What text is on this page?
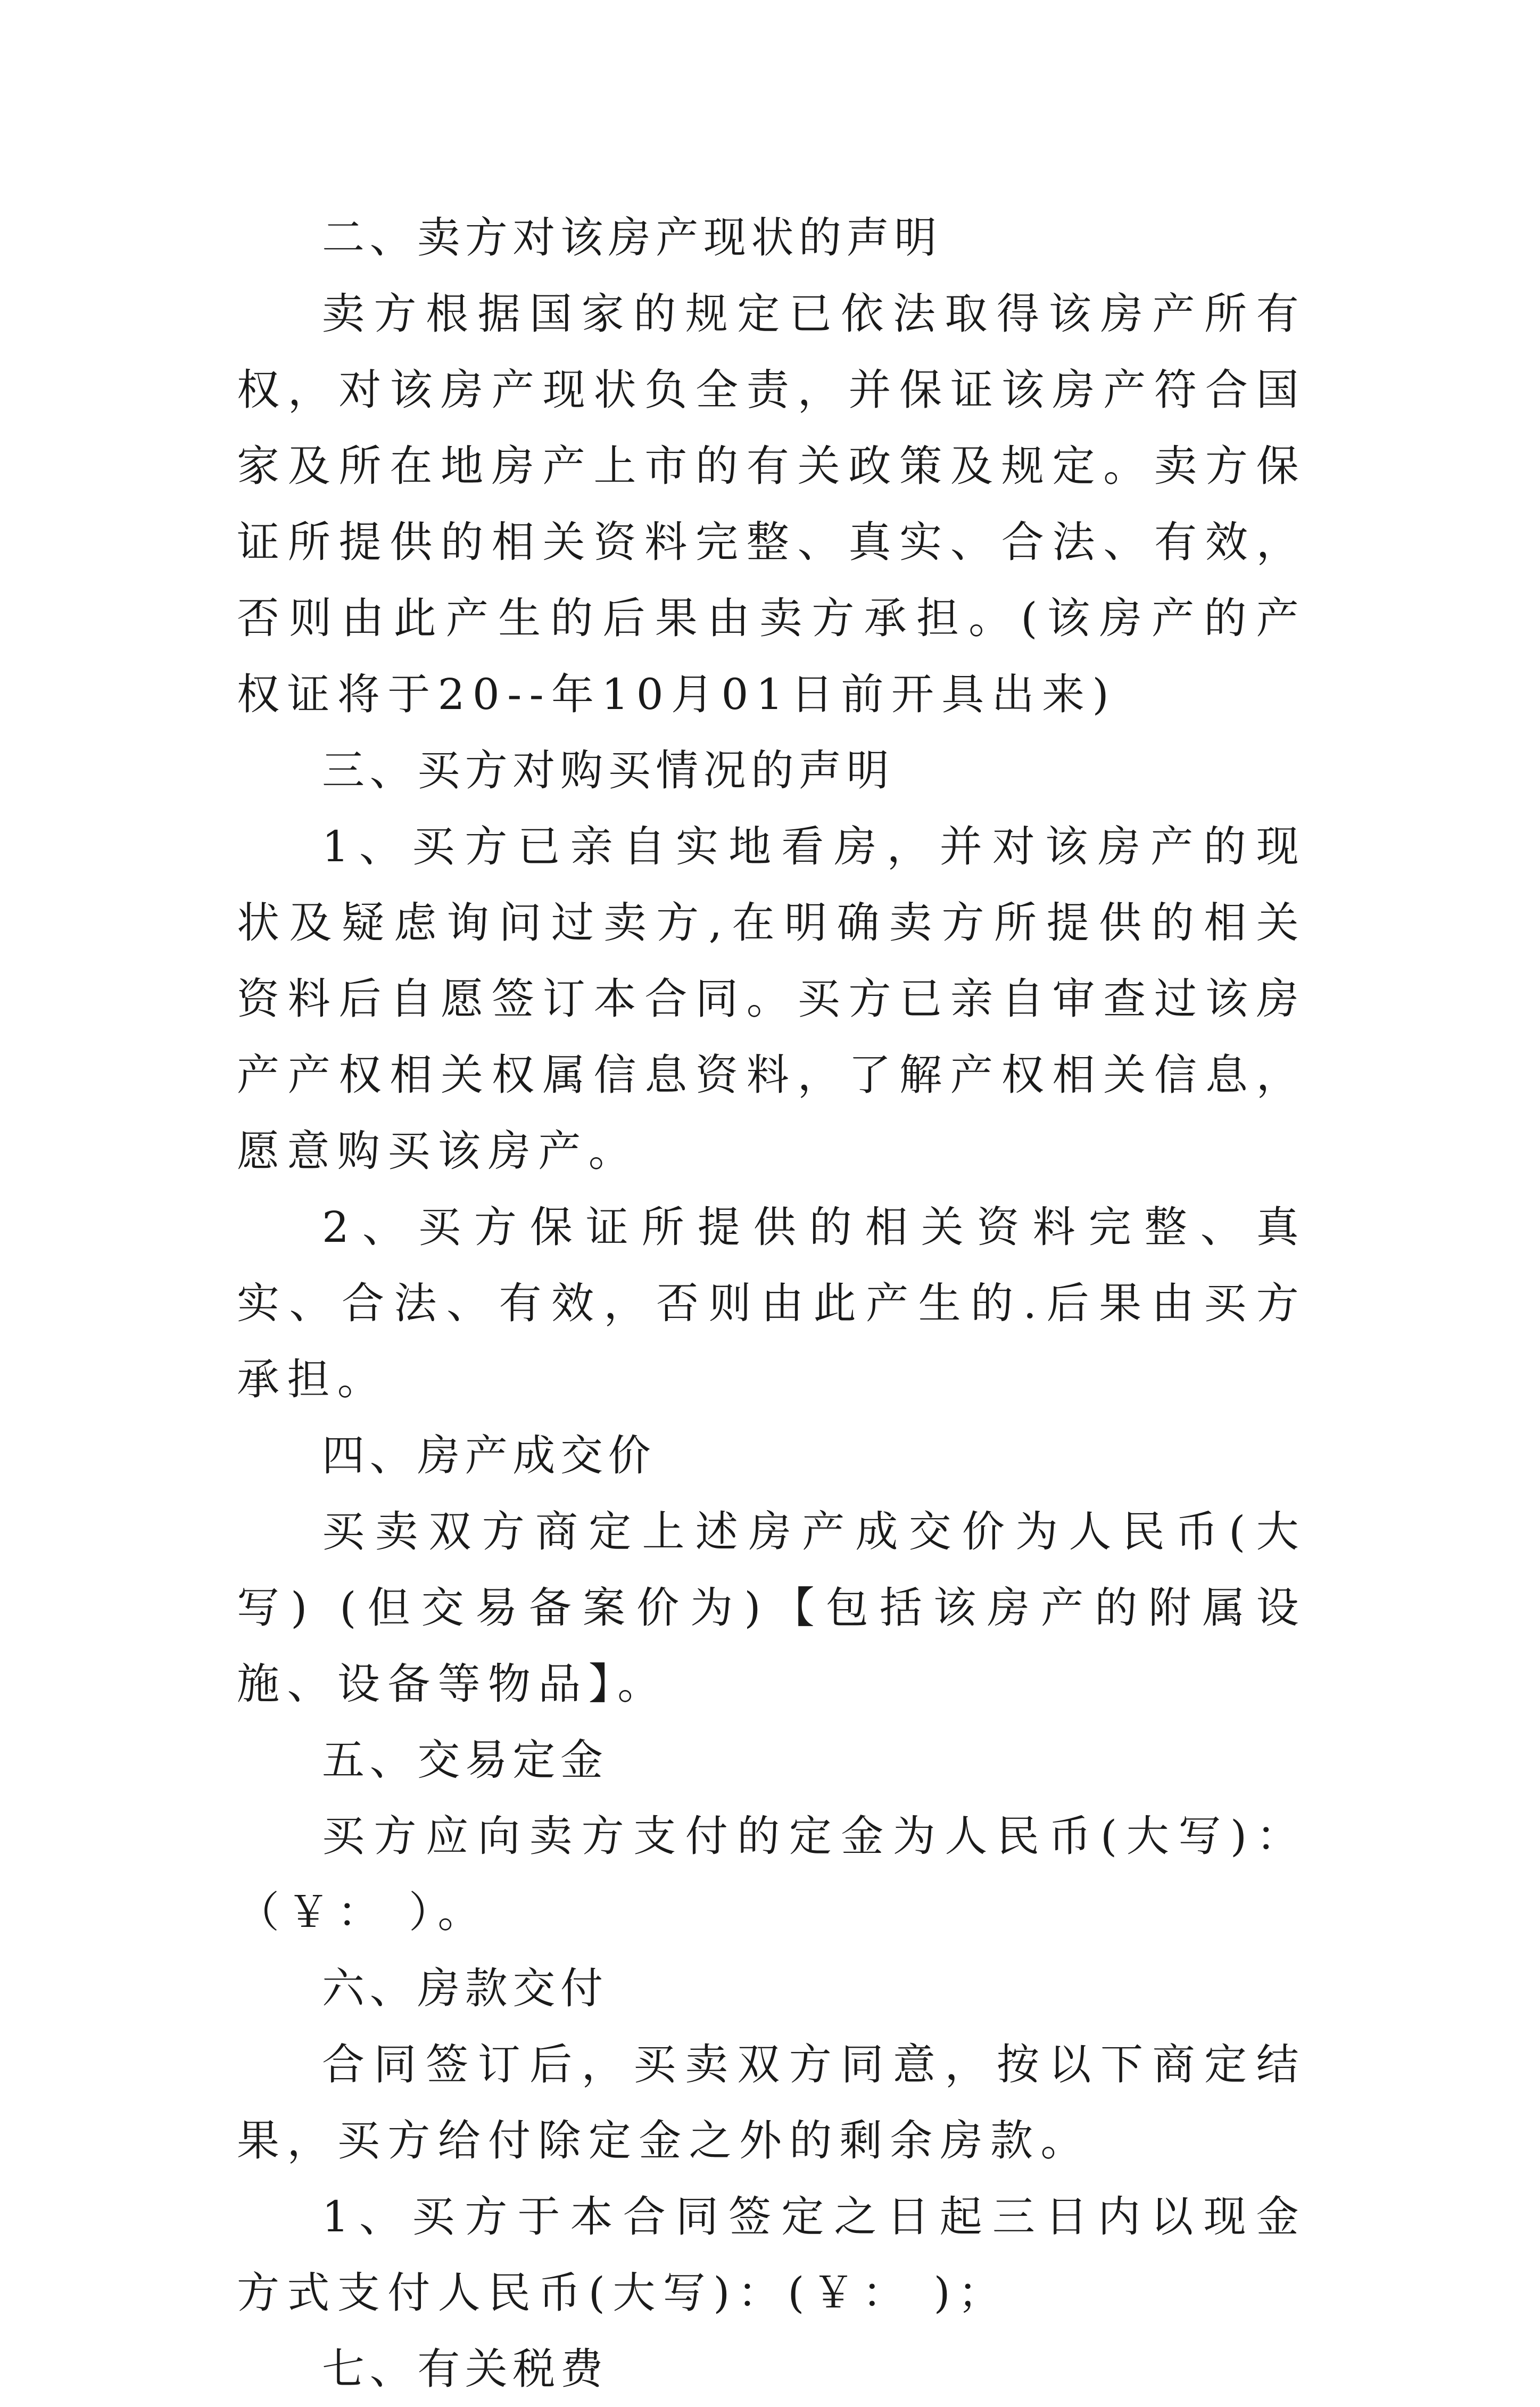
二、卖方对该房产现状的声明

卖方根据国家的规定已依法取得该房产所有权，对该房产现状负全责，并保证该房产符合国家及所在地房产上市的有关政策及规定。卖方保证所提供的相关资料完整、真实、合法、有效，否则由此产生的后果由卖方承担。(该房产的产权证将于20--年10月01日前开具出来)

三、买方对购买情况的声明

1、买方已亲自实地看房，并对该房产的现状及疑虑询问过卖方,在明确卖方所提供的相关资料后自愿签订本合同。买方已亲自审查过该房产产权相关权属信息资料，了解产权相关信息，愿意购买该房产。

2、买方保证所提供的相关资料完整、真实、合法、有效，否则由此产生的.后果由买方承担。

四、房产成交价

买卖双方商定上述房产成交价为人民币(大写) (但交易备案价为)【包括该房产的附属设施、设备等物品】。

五、交易定金

买方应向卖方支付的定金为人民币(大写)：（￥： ）。

六、房款交付

合同签订后，买卖双方同意，按以下商定结果，买方给付除定金之外的剩余房款。

1、买方于本合同签定之日起三日内以现金方式支付人民币(大写)：(￥： )；

七、有关税费
